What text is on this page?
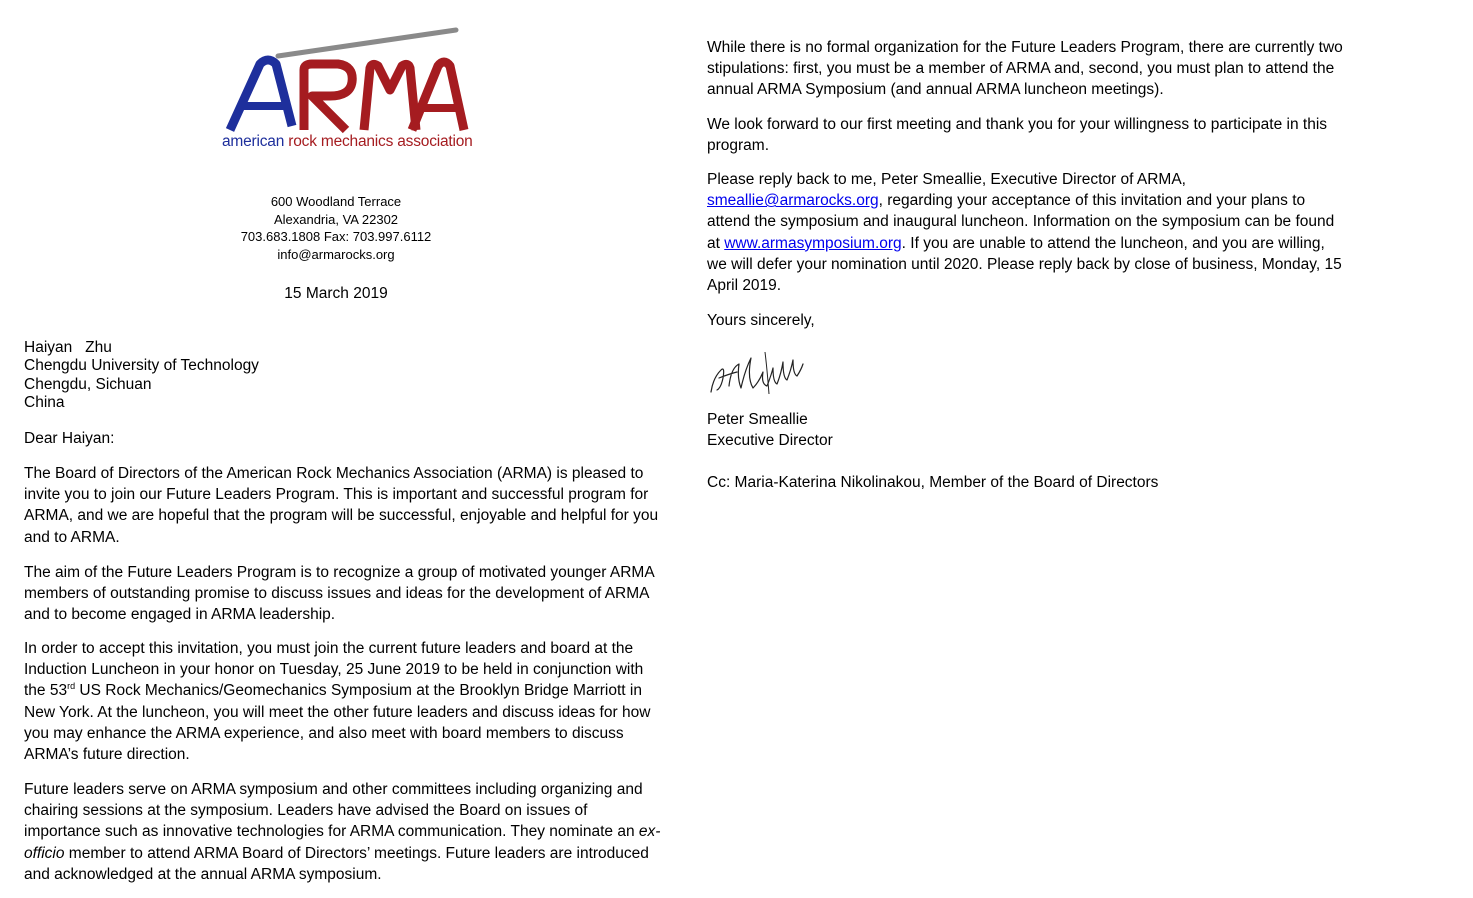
american rock mechanics association
600 Woodland Terrace
Alexandria, VA 22302
703.683.1808 Fax: 703.997.6112
info@armarocks.org
15 March 2019
Haiyan   Zhu
Chengdu University of Technology
Chengdu, Sichuan
China
Dear Haiyan:

The Board of Directors of the American Rock Mechanics Association (ARMA) is pleased to invite you to join our Future Leaders Program. This is important and successful program for ARMA, and we are hopeful that the program will be successful, enjoyable and helpful for you and to ARMA.

The aim of the Future Leaders Program is to recognize a group of motivated younger ARMA members of outstanding promise to discuss issues and ideas for the development of ARMA and to become engaged in ARMA leadership.

In order to accept this invitation, you must join the current future leaders and board at the Induction Luncheon in your honor on Tuesday, 25 June 2019 to be held in conjunction with the 53rd US Rock Mechanics/Geomechanics Symposium at the Brooklyn Bridge Marriott in New York. At the luncheon, you will meet the other future leaders and discuss ideas for how you may enhance the ARMA experience, and also meet with board members to discuss ARMA’s future direction.

Future leaders serve on ARMA symposium and other committees including organizing and chairing sessions at the symposium. Leaders have advised the Board on issues of importance such as innovative technologies for ARMA communication. They nominate an ex-officio member to attend ARMA Board of Directors’ meetings. Future leaders are introduced and acknowledged at the annual ARMA symposium.

While there is no formal organization for the Future Leaders Program, there are currently two stipulations: first, you must be a member of ARMA and, second, you must plan to attend the annual ARMA Symposium (and annual ARMA luncheon meetings).

We look forward to our first meeting and thank you for your willingness to participate in this program.

Please reply back to me, Peter Smeallie, Executive Director of ARMA, smeallie@armarocks.org, regarding your acceptance of this invitation and your plans to attend the symposium and inaugural luncheon. Information on the symposium can be found at www.armasymposium.org. If you are unable to attend the luncheon, and you are willing, we will defer your nomination until 2020. Please reply back by close of business, Monday, 15 April 2019.

Yours sincerely,

Peter Smeallie
Executive Director

Cc: Maria-Katerina Nikolinakou, Member of the Board of Directors
